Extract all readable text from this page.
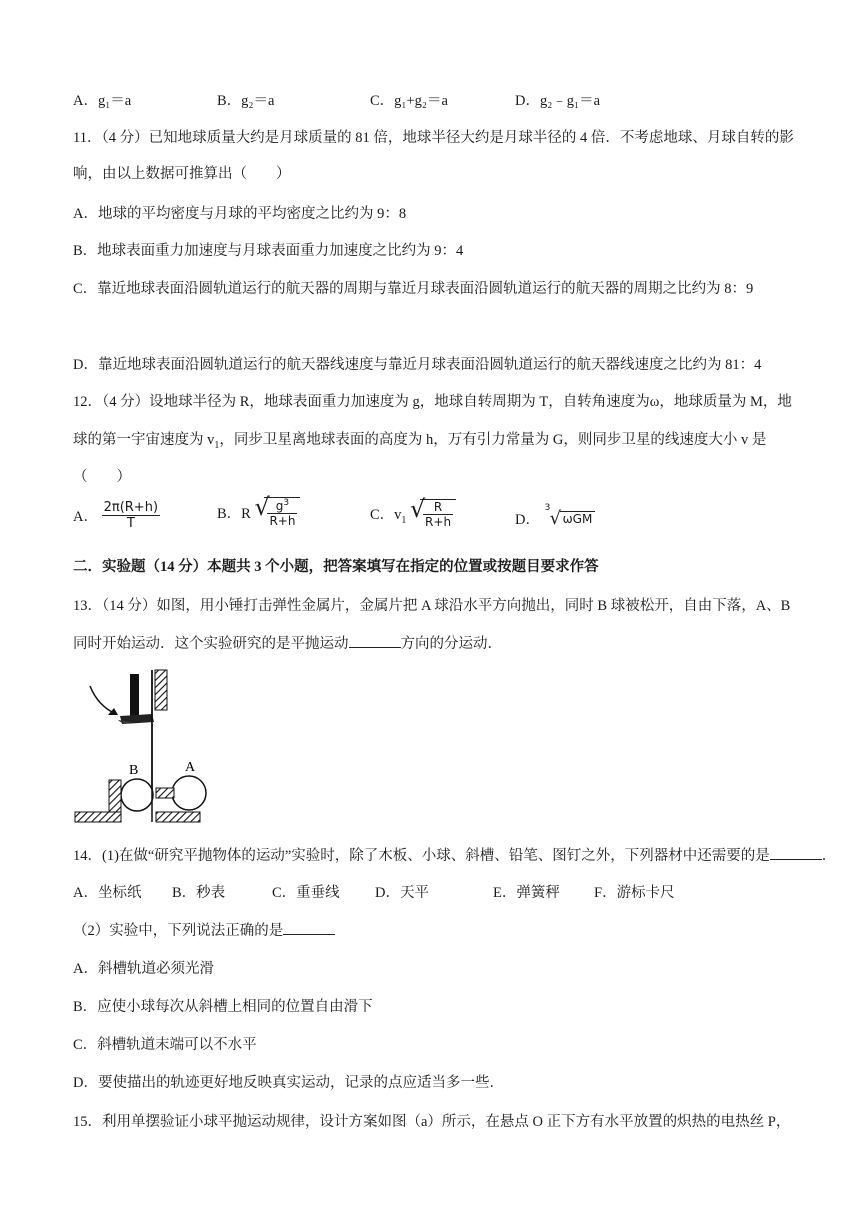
A．g₁＝a	B．g₂＝a	C．g₁+g₂＝a	D．g₂﹣g₁＝a
11．（4 分）已知地球质量大约是月球质量的 81 倍，地球半径大约是月球半径的 4 倍．不考虑地球、月球自转的影
响，由以上数据可推算出（　　）
A．地球的平均密度与月球的平均密度之比约为 9：8
B．地球表面重力加速度与月球表面重力加速度之比约为 9：4
C．靠近地球表面沿圆轨道运行的航天器的周期与靠近月球表面沿圆轨道运行的航天器的周期之比约为 8：9
D．靠近地球表面沿圆轨道运行的航天器线速度与靠近月球表面沿圆轨道运行的航天器线速度之比约为 81：4
12．（4 分）设地球半径为 R，地球表面重力加速度为 g，地球自转周期为 T，自转角速度为ω，地球质量为 M，地
球的第一宇宙速度为 $v_1$，同步卫星离地球表面的高度为 h，万有引力常量为 G，则同步卫星的线速度大小 v 是
（　　）
A． $\frac{2\pi(R+h)}{T}$	B．R √
$\frac{g^3}{R+h}$	C．$v_1$ √
$\frac{R}{R+h}$	D．
3 √ ωGM
二．实验题（14 分）本题共 3 个小题，把答案填写在指定的位置或按题目要求作答
13．（14 分）如图，用小锤打击弹性金属片，金属片把 A 球沿水平方向抛出，同时 B 球被松开，自由下落，A、B
同时开始运动．这个实验研究的是平抛运动	方向的分运动．
B	A
14．(1)在做“研究平抛物体的运动”实验时，除了木板、小球、斜槽、铅笔、图钉之外，下列器材中还需要的是	．
A．坐标纸 B．秒表	C．重垂线 D．天平	E．弹簧秤 F．游标卡尺
（2）实验中，下列说法正确的是
A．斜槽轨道必须光滑
B．应使小球每次从斜槽上相同的位置自由滑下
C．斜槽轨道末端可以不水平
D．要使描出的轨迹更好地反映真实运动，记录的点应适当多一些．
15．利用单摆验证小球平抛运动规律，设计方案如图（a）所示，在悬点 O 正下方有水平放置的炽热的电热丝 P，
